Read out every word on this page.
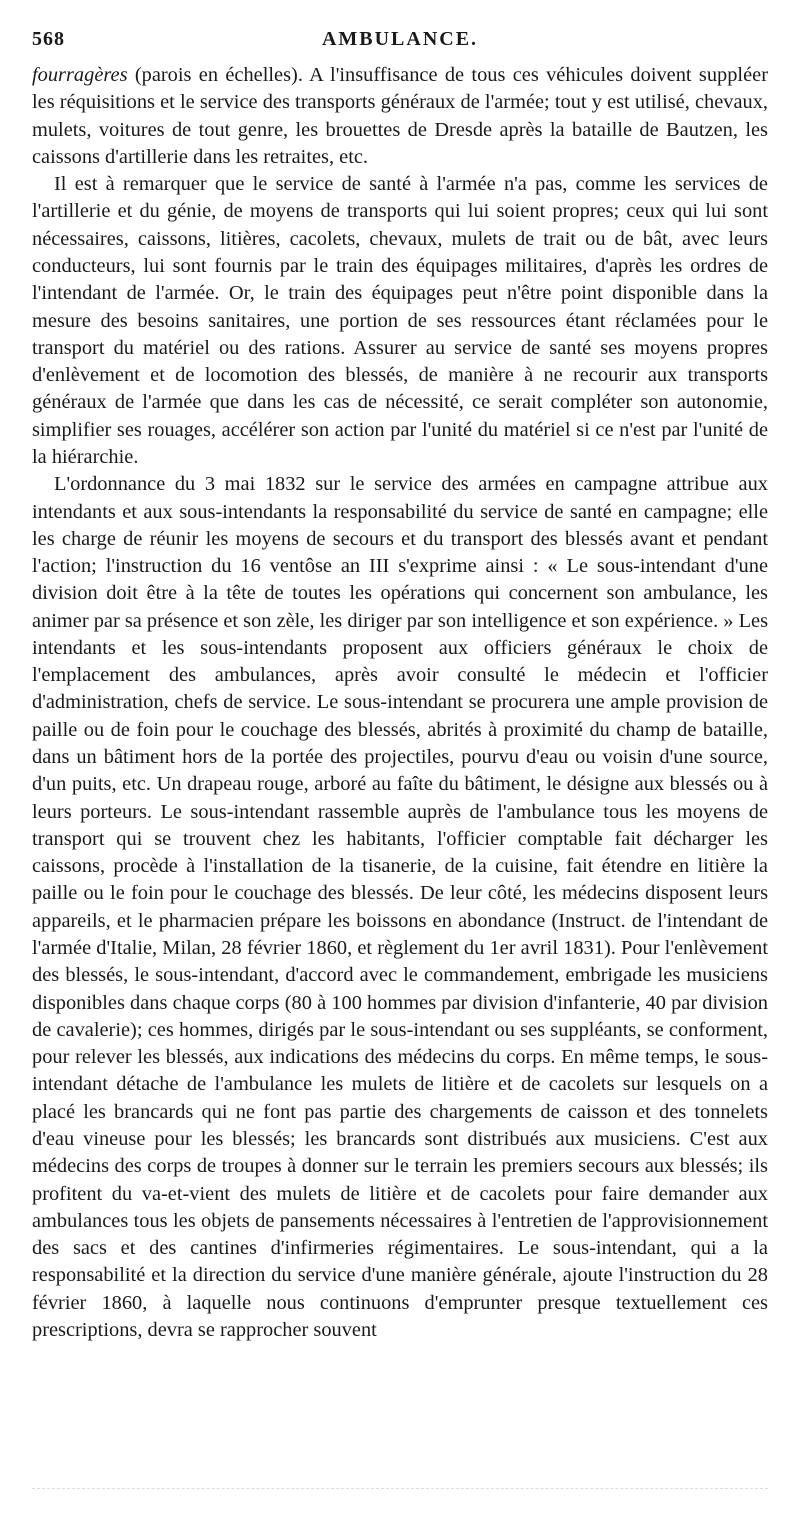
568	AMBULANCE.

fourragères (parois en échelles). A l'insuffisance de tous ces véhicules doivent suppléer les réquisitions et le service des transports généraux de l'armée; tout y est utilisé, chevaux, mulets, voitures de tout genre, les brouettes de Dresde après la bataille de Bautzen, les caissons d'artillerie dans les retraites, etc.

Il est à remarquer que le service de santé à l'armée n'a pas, comme les services de l'artillerie et du génie, de moyens de transports qui lui soient propres; ceux qui lui sont nécessaires, caissons, litières, cacolets, chevaux, mulets de trait ou de bât, avec leurs conducteurs, lui sont fournis par le train des équipages militaires, d'après les ordres de l'intendant de l'armée. Or, le train des équipages peut n'être point disponible dans la mesure des besoins sanitaires, une portion de ses ressources étant réclamées pour le transport du matériel ou des rations. Assurer au service de santé ses moyens propres d'enlèvement et de locomotion des blessés, de manière à ne recourir aux transports généraux de l'armée que dans les cas de nécessité, ce serait compléter son autonomie, simplifier ses rouages, accélérer son action par l'unité du matériel si ce n'est par l'unité de la hiérarchie.

L'ordonnance du 3 mai 1832 sur le service des armées en campagne attribue aux intendants et aux sous-intendants la responsabilité du service de santé en campagne; elle les charge de réunir les moyens de secours et du transport des blessés avant et pendant l'action; l'instruction du 16 ventôse an III s'exprime ainsi : « Le sous-intendant d'une division doit être à la tête de toutes les opérations qui concernent son ambulance, les animer par sa présence et son zèle, les diriger par son intelligence et son expérience. » Les intendants et les sous-intendants proposent aux officiers généraux le choix de l'emplacement des ambulances, après avoir consulté le médecin et l'officier d'administration, chefs de service. Le sous-intendant se procurera une ample provision de paille ou de foin pour le couchage des blessés, abrités à proximité du champ de bataille, dans un bâtiment hors de la portée des projectiles, pourvu d'eau ou voisin d'une source, d'un puits, etc. Un drapeau rouge, arboré au faîte du bâtiment, le désigne aux blessés ou à leurs porteurs. Le sous-intendant rassemble auprès de l'ambulance tous les moyens de transport qui se trouvent chez les habitants, l'officier comptable fait décharger les caissons, procède à l'installation de la tisanerie, de la cuisine, fait étendre en litière la paille ou le foin pour le couchage des blessés. De leur côté, les médecins disposent leurs appareils, et le pharmacien prépare les boissons en abondance (Instruct. de l'intendant de l'armée d'Italie, Milan, 28 février 1860, et règlement du 1er avril 1831). Pour l'enlèvement des blessés, le sous-intendant, d'accord avec le commandement, embrigade les musiciens disponibles dans chaque corps (80 à 100 hommes par division d'infanterie, 40 par division de cavalerie); ces hommes, dirigés par le sous-intendant ou ses suppléants, se conforment, pour relever les blessés, aux indications des médecins du corps. En même temps, le sous-intendant détache de l'ambulance les mulets de litière et de cacolets sur lesquels on a placé les brancards qui ne font pas partie des chargements de caisson et des tonnelets d'eau vineuse pour les blessés; les brancards sont distribués aux musiciens. C'est aux médecins des corps de troupes à donner sur le terrain les premiers secours aux blessés; ils profitent du va-et-vient des mulets de litière et de cacolets pour faire demander aux ambulances tous les objets de pansements nécessaires à l'entretien de l'approvisionnement des sacs et des cantines d'infirmeries régimentaires. Le sous-intendant, qui a la responsabilité et la direction du service d'une manière générale, ajoute l'instruction du 28 février 1860, à laquelle nous continuons d'emprunter presque textuellement ces prescriptions, devra se rapprocher souvent
